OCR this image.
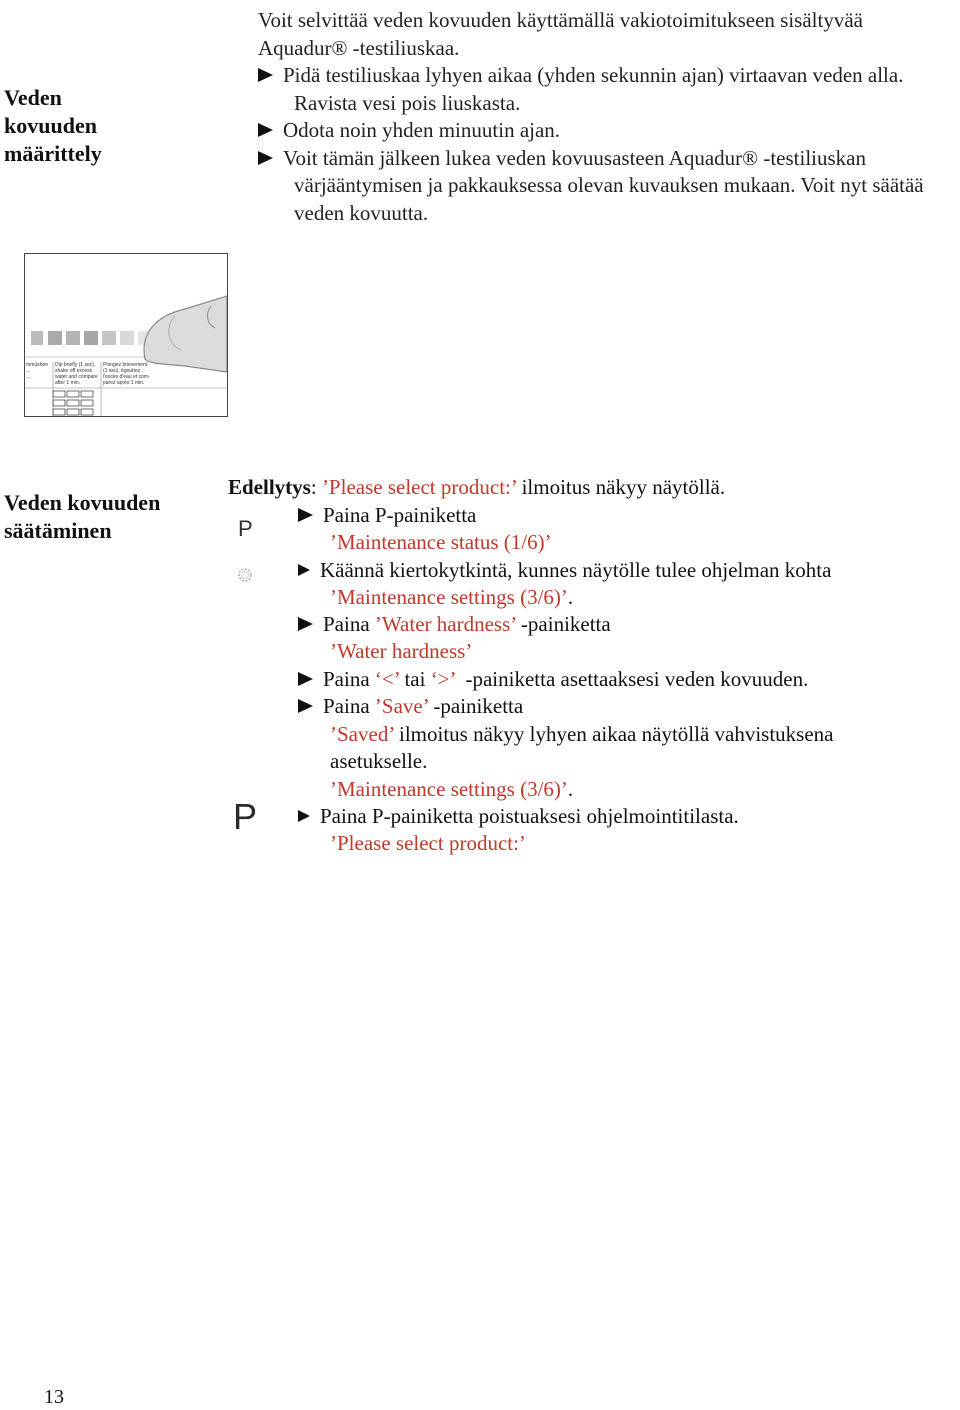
Veden kovuuden määrittely
Voit selvittää veden kovuuden käyttämällä vakiotoimitukseen sisältyvää Aquadur® -testiliuskaa.
Pidä testiliuskaa lyhyen aikaa (yhden sekunnin ajan) virtaavan veden alla. Ravista vesi pois liuskasta.
Odota noin yhden minuutin ajan.
Voit tämän jälkeen lukea veden kovuusasteen Aquadur® -testiliuskan värjääntymisen ja pakkauksessa olevan kuvauksen mukaan. Voit nyt säätää veden kovuutta.
mmüshen
...
...,
Dip briefly (1 sec),
shake off excess
water and compare
after 1 min.
Plongez brièvement
(1 sec), égouttez
l'excès d'eau et com-
parez après 1 min.
Veden kovuuden säätäminen	P
P
Edellytys: ’Please select product:’ ilmoitus näkyy näytöllä.
Paina P-painiketta
’Maintenance status (1/6)’
Käännä kiertokytkintä, kunnes näytölle tulee ohjelman kohta
’Maintenance settings (3/6)’.
Paina ’Water hardness’ -painiketta
’Water hardness’
Paina ‘<’ tai ‘>’  -painiketta asettaaksesi veden kovuuden.
Paina ’Save’ -painiketta
’Saved’ ilmoitus näkyy lyhyen aikaa näytöllä vahvistuksena
asetukselle.
’Maintenance settings (3/6)’.
Paina P-painiketta poistuaksesi ohjelmointitilasta.
’Please select product:’
13
